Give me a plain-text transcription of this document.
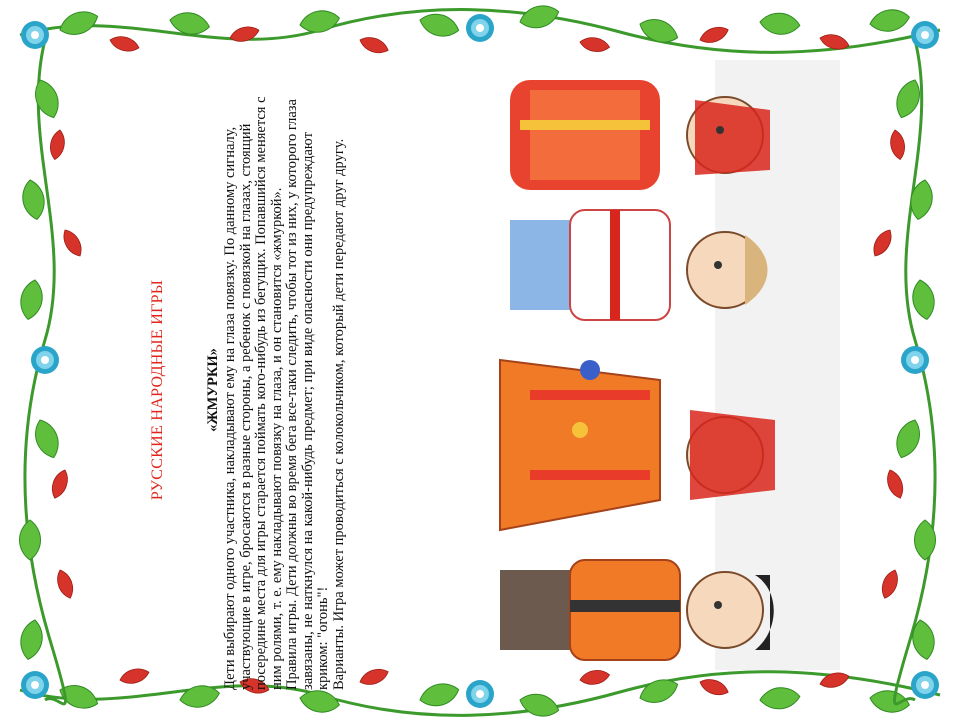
РУССКИЕ НАРОДНЫЕ ИГРЫ	«ЖМУРКИ» Дети выбирают одного участника, накладывают ему на глаза повязку. По данному сигналу, участвующие в игре, бросаются в разные стороны, а ребенок с повязкой на глазах, стоящий посередине места для игры старается поймать кого-нибудь из бегущих. Попавшийся меняется с ним ролями, т. е. ему накладывают повязку на глаза, и он становится «жмуркой». Правила игры. Дети должны во время бега все-таки следить, чтобы тот из них, у которого глаза завязаны, не наткнулся на какой-нибудь предмет; при виде опасности они предупреждают криком: "огонь"! Варианты. Игра может проводиться с колокольчиком, который дети передают друг другу.
